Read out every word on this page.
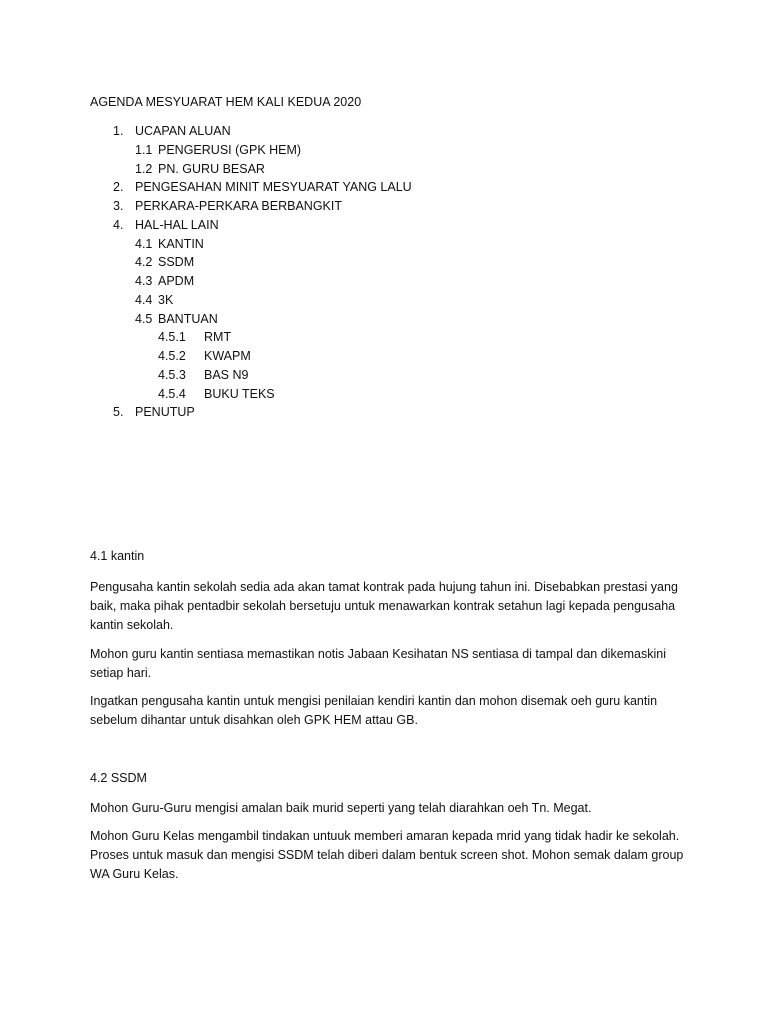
AGENDA MESYUARAT HEM KALI KEDUA 2020
1. UCAPAN ALUAN
1.1 PENGERUSI (GPK HEM)
1.2 PN. GURU BESAR
2. PENGESAHAN MINIT MESYUARAT YANG LALU
3. PERKARA-PERKARA BERBANGKIT
4. HAL-HAL LAIN
4.1 KANTIN
4.2 SSDM
4.3 APDM
4.4 3K
4.5 BANTUAN
4.5.1 RMT
4.5.2 KWAPM
4.5.3 BAS N9
4.5.4 BUKU TEKS
5. PENUTUP
4.1 kantin

Pengusaha kantin sekolah sedia ada akan tamat kontrak pada hujung tahun ini. Disebabkan prestasi yang baik, maka pihak pentadbir sekolah bersetuju untuk menawarkan kontrak setahun lagi kepada pengusaha kantin sekolah.

Mohon guru kantin sentiasa memastikan notis Jabaan Kesihatan NS sentiasa di tampal dan dikemaskini setiap hari.

Ingatkan pengusaha kantin untuk mengisi penilaian kendiri kantin dan mohon disemak oeh guru kantin sebelum dihantar untuk disahkan oleh GPK HEM attau GB.

4.2 SSDM

Mohon Guru-Guru mengisi amalan baik murid seperti yang telah diarahkan oeh Tn. Megat.

Mohon Guru Kelas mengambil tindakan untuuk memberi amaran kepada mrid yang tidak hadir ke sekolah. Proses untuk masuk dan mengisi SSDM telah diberi dalam bentuk screen shot. Mohon semak dalam group WA Guru Kelas.
